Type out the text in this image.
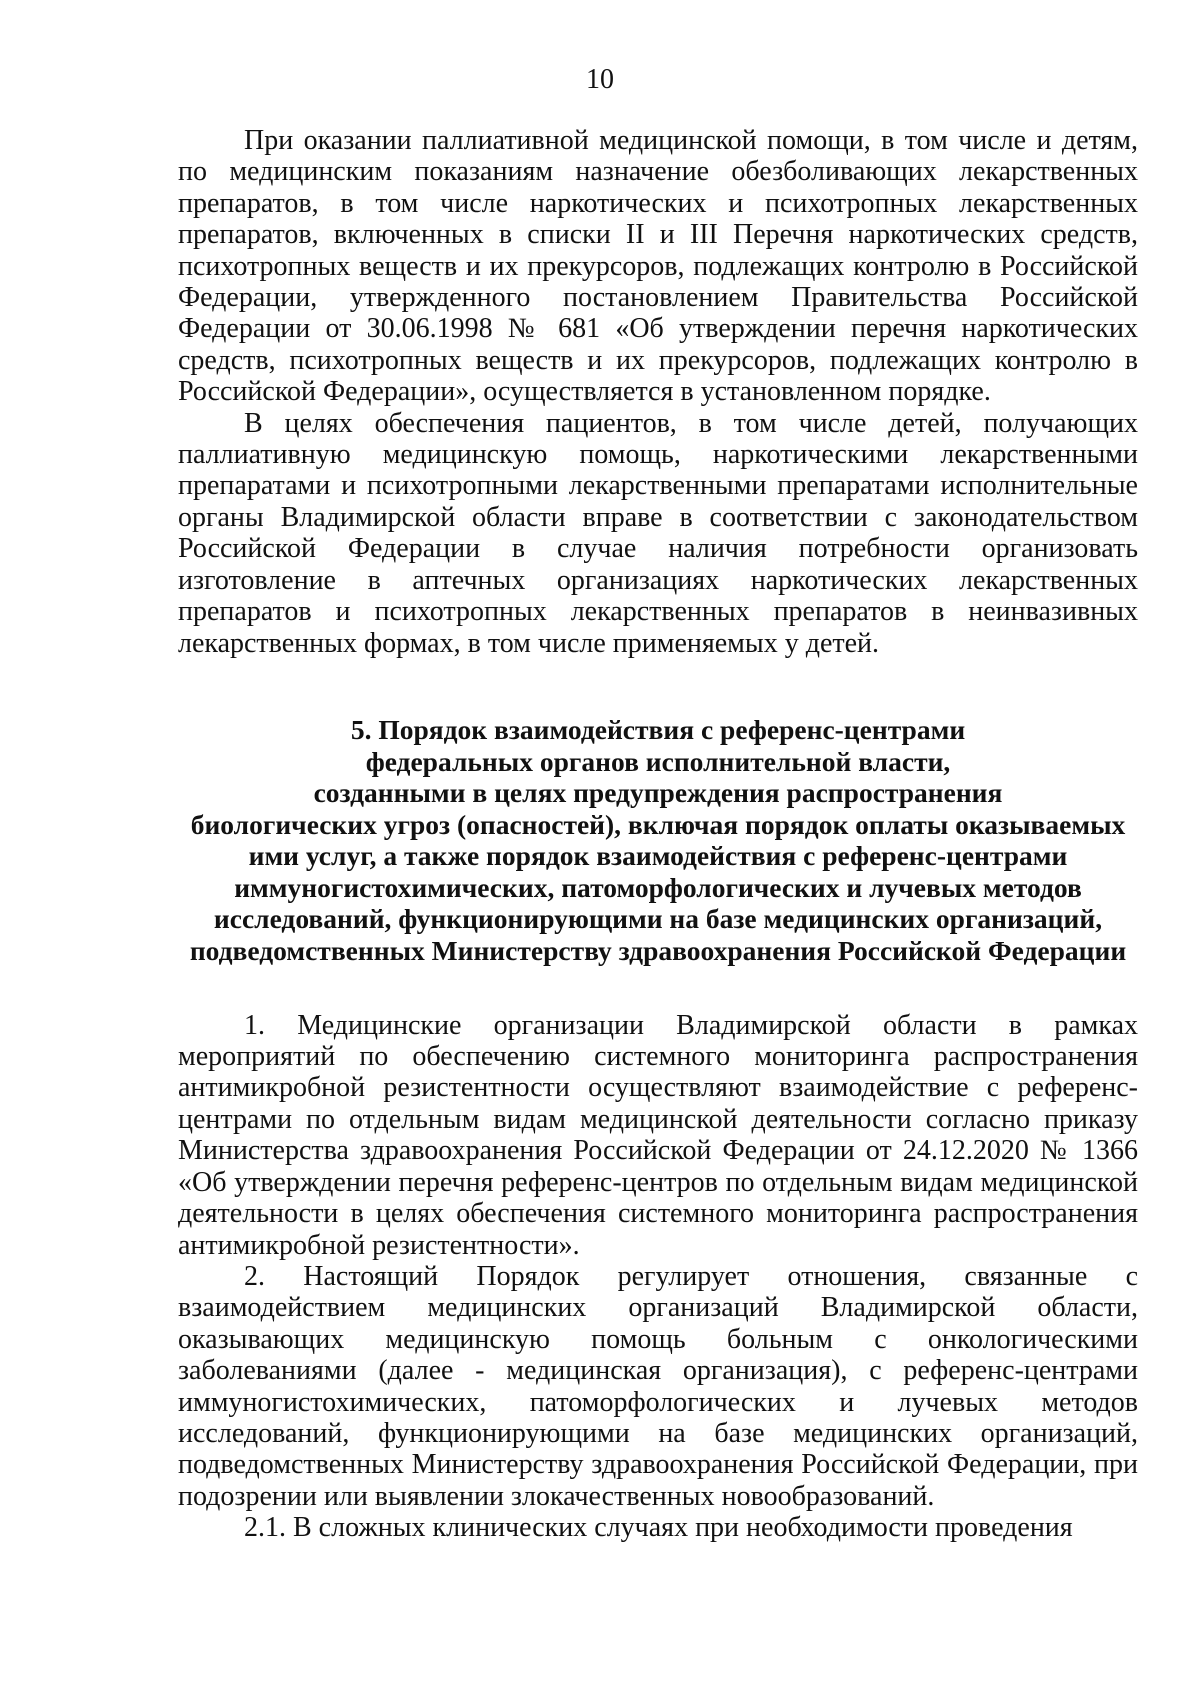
10

При оказании паллиативной медицинской помощи, в том числе и детям, по медицинским показаниям назначение обезболивающих лекарственных препаратов, в том числе наркотических и психотропных лекарственных препаратов, включенных в списки II и III Перечня наркотических средств, психотропных веществ и их прекурсоров, подлежащих контролю в Российской Федерации, утвержденного постановлением Правительства Российской Федерации от 30.06.1998 № 681 «Об утверждении перечня наркотических средств, психотропных веществ и их прекурсоров, подлежащих контролю в Российской Федерации», осуществляется в установленном порядке.

В целях обеспечения пациентов, в том числе детей, получающих паллиативную медицинскую помощь, наркотическими лекарственными препаратами и психотропными лекарственными препаратами исполнительные органы Владимирской области вправе в соответствии с законодательством Российской Федерации в случае наличия потребности организовать изготовление в аптечных организациях наркотических лекарственных препаратов и психотропных лекарственных препаратов в неинвазивных лекарственных формах, в том числе применяемых у детей.

5. Порядок взаимодействия с референс-центрами
федеральных органов исполнительной власти,
созданными в целях предупреждения распространения
биологических угроз (опасностей), включая порядок оплаты оказываемых
ими услуг, а также порядок взаимодействия с референс-центрами
иммуногистохимических, патоморфологических и лучевых методов
исследований, функционирующими на базе медицинских организаций,
подведомственных Министерству здравоохранения Российской Федерации

1. Медицинские организации Владимирской области в рамках мероприятий по обеспечению системного мониторинга распространения антимикробной резистентности осуществляют взаимодействие с референс-центрами по отдельным видам медицинской деятельности согласно приказу Министерства здравоохранения Российской Федерации от 24.12.2020 № 1366 «Об утверждении перечня референс-центров по отдельным видам медицинской деятельности в целях обеспечения системного мониторинга распространения антимикробной резистентности».

2. Настоящий Порядок регулирует отношения, связанные с взаимодействием медицинских организаций Владимирской области, оказывающих медицинскую помощь больным с онкологическими заболеваниями (далее - медицинская организация), с референс-центрами иммуногистохимических, патоморфологических и лучевых методов исследований, функционирующими на базе медицинских организаций, подведомственных Министерству здравоохранения Российской Федерации, при подозрении или выявлении злокачественных новообразований.

2.1. В сложных клинических случаях при необходимости проведения
